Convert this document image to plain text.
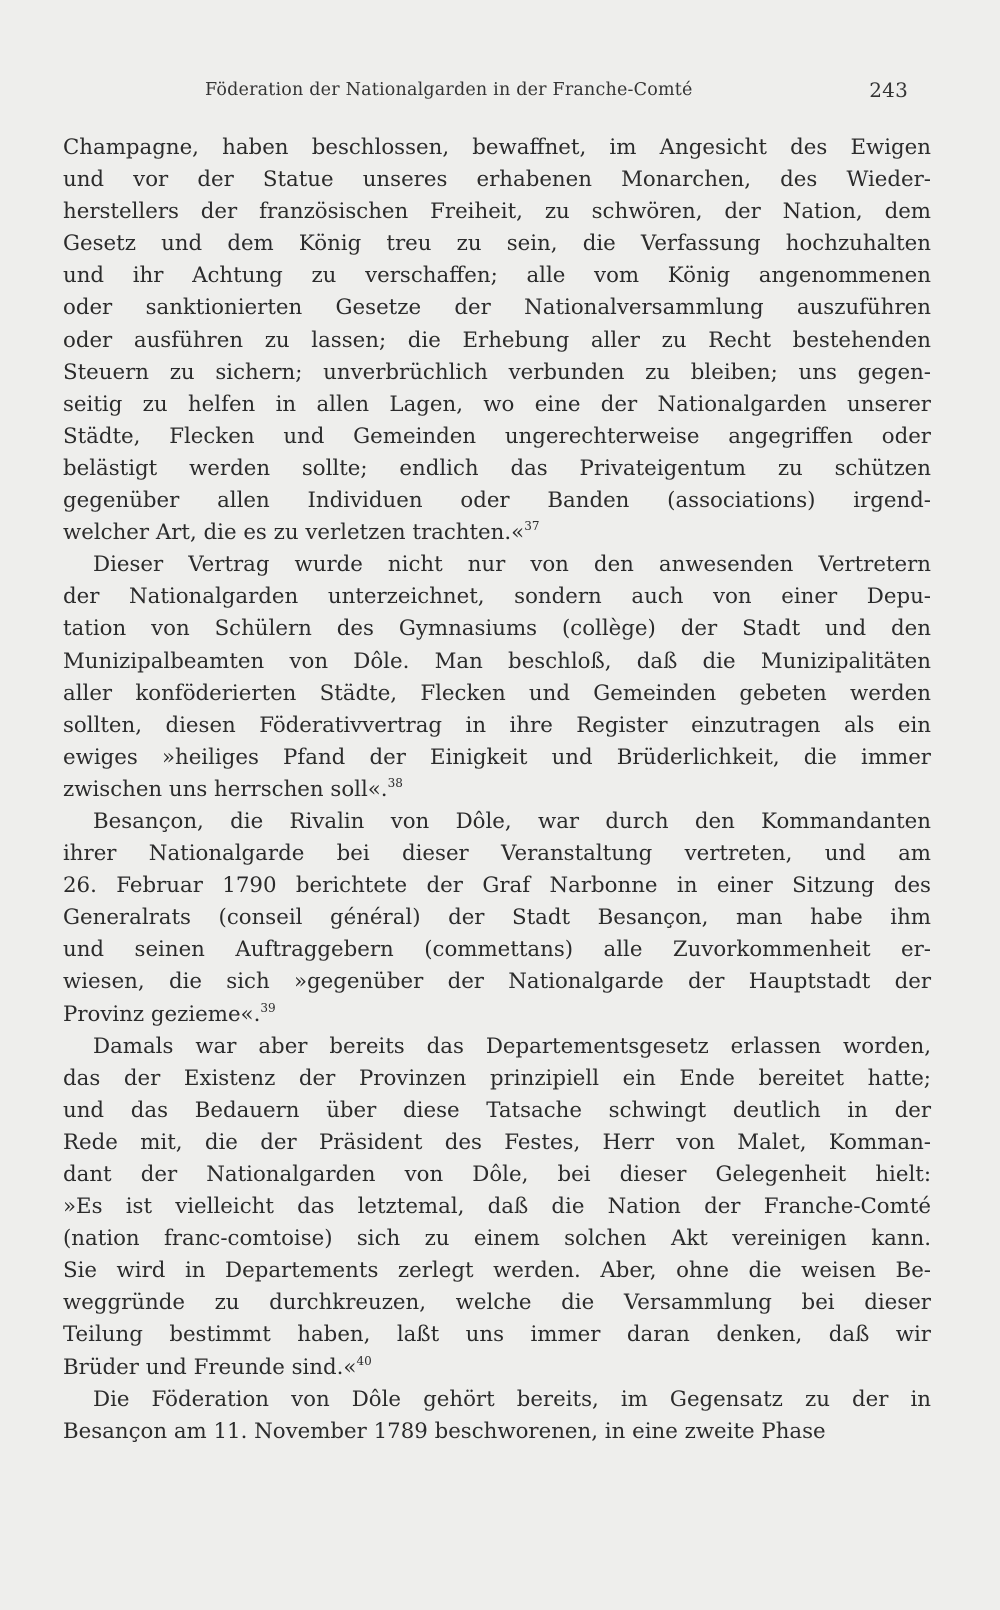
Föderation der Nationalgarden in der Franche-Comté	243
Champagne, haben beschlossen, bewaffnet, im Angesicht des Ewigen
und vor der Statue unseres erhabenen Monarchen, des Wieder-
herstellers der französischen Freiheit, zu schwören, der Nation, dem
Gesetz und dem König treu zu sein, die Verfassung hochzuhalten
und ihr Achtung zu verschaffen; alle vom König angenommenen
oder sanktionierten Gesetze der Nationalversammlung auszuführen
oder ausführen zu lassen; die Erhebung aller zu Recht bestehenden
Steuern zu sichern; unverbrüchlich verbunden zu bleiben; uns gegen-
seitig zu helfen in allen Lagen, wo eine der Nationalgarden unserer
Städte, Flecken und Gemeinden ungerechterweise angegriffen oder
belästigt werden sollte; endlich das Privateigentum zu schützen
gegenüber allen Individuen oder Banden (associations) irgend-
welcher Art, die es zu verletzen trachten.«$^{37}$
Dieser Vertrag wurde nicht nur von den anwesenden Vertretern
der Nationalgarden unterzeichnet, sondern auch von einer Depu-
tation von Schülern des Gymnasiums (collège) der Stadt und den
Munizipalbeamten von Dôle. Man beschloß, daß die Munizipalitäten
aller konföderierten Städte, Flecken und Gemeinden gebeten werden
sollten, diesen Föderativvertrag in ihre Register einzutragen als ein
ewiges »heiliges Pfand der Einigkeit und Brüderlichkeit, die immer
zwischen uns herrschen soll«.$^{38}$
Besançon, die Rivalin von Dôle, war durch den Kommandanten
ihrer Nationalgarde bei dieser Veranstaltung vertreten, und am
26. Februar 1790 berichtete der Graf Narbonne in einer Sitzung des
Generalrats (conseil général) der Stadt Besançon, man habe ihm
und seinen Auftraggebern (commettans) alle Zuvorkommenheit er-
wiesen, die sich »gegenüber der Nationalgarde der Hauptstadt der
Provinz gezieme«.$^{39}$
Damals war aber bereits das Departementsgesetz erlassen worden,
das der Existenz der Provinzen prinzipiell ein Ende bereitet hatte;
und das Bedauern über diese Tatsache schwingt deutlich in der
Rede mit, die der Präsident des Festes, Herr von Malet, Komman-
dant der Nationalgarden von Dôle, bei dieser Gelegenheit hielt:
»Es ist vielleicht das letztemal, daß die Nation der Franche-Comté
(nation franc-comtoise) sich zu einem solchen Akt vereinigen kann.
Sie wird in Departements zerlegt werden. Aber, ohne die weisen Be-
weggründe zu durchkreuzen, welche die Versammlung bei dieser
Teilung bestimmt haben, laßt uns immer daran denken, daß wir
Brüder und Freunde sind.«$^{40}$
Die Föderation von Dôle gehört bereits, im Gegensatz zu der in
Besançon am 11. November 1789 beschworenen, in eine zweite Phase
